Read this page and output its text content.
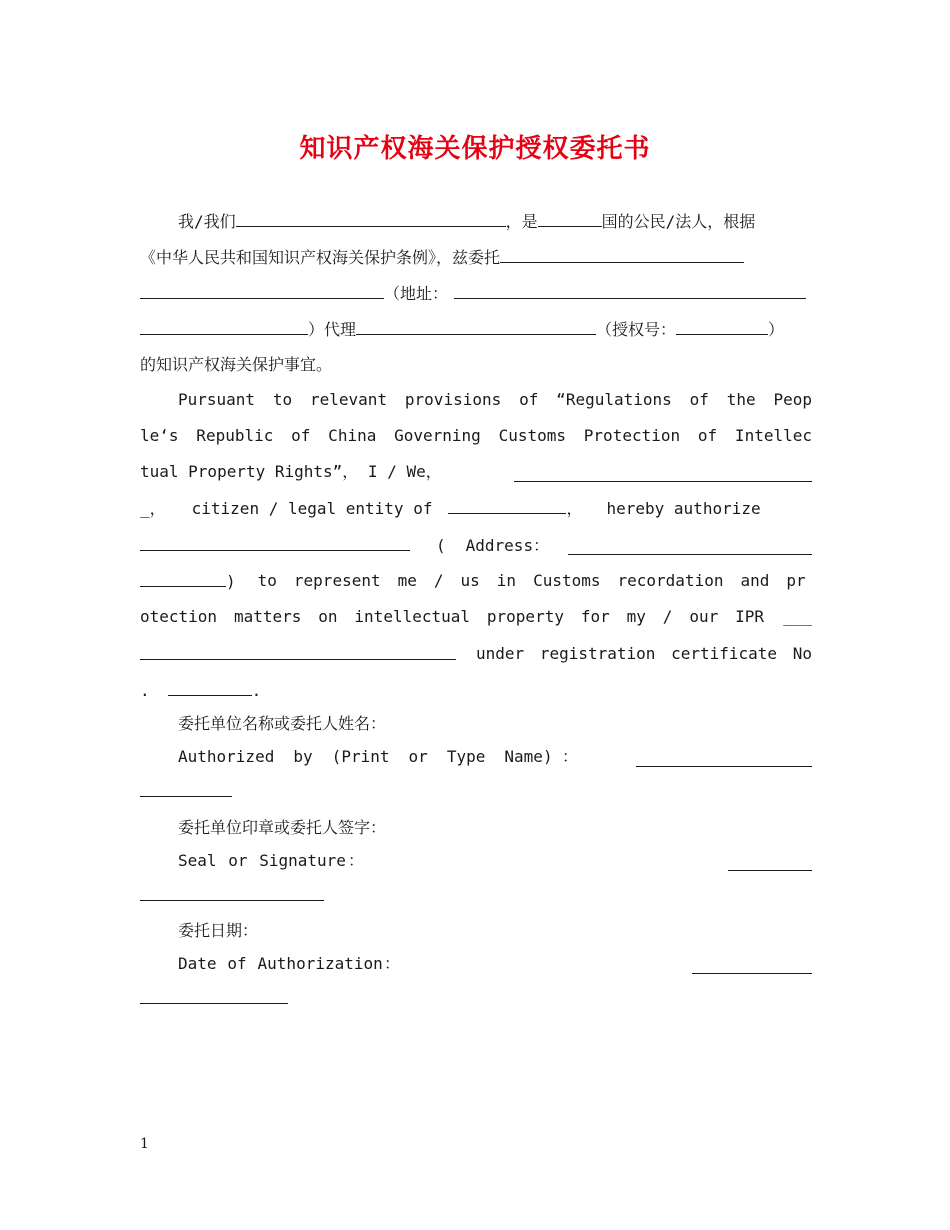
知识产权海关保护授权委托书
我/我们	，是	国的公民/法人，根据
《中华人民共和国知识产权海关保护条例》，兹委托
（地址：
）代理	（授权号：	）
的知识产权海关保护事宜。
Pursuant to relevant provisions of “Regulations of the Peop
le‘s Republic of China Governing Customs Protection of Intellec
tual Property Rights”， I / We，
_， citizen / legal entity of	， hereby authorize
( Address：
) to represent me / us in Customs recordation and pr
otection matters on intellectual property for my / our IPR ___
under registration certificate No
.	.
委托单位名称或委托人姓名：
Authorized by (Print or Type Name)：
委托单位印章或委托人签字：
Seal or Signature：
委托日期：
Date of Authorization：
1
